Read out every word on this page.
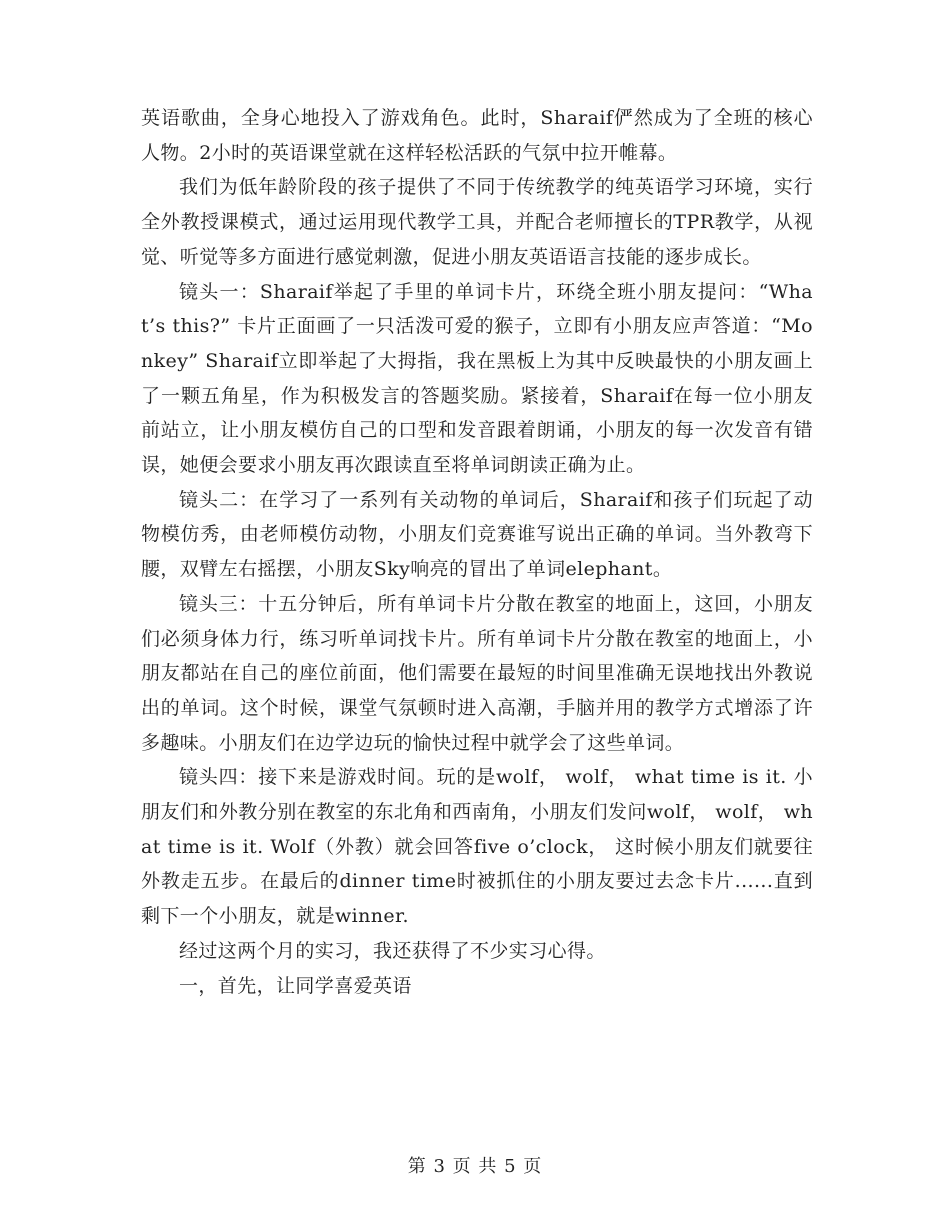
英语歌曲，全身心地投入了游戏角色。此时，Sharaif俨然成为了全班的核心人物。2小时的英语课堂就在这样轻松活跃的气氛中拉开帷幕。

我们为低年龄阶段的孩子提供了不同于传统教学的纯英语学习环境，实行全外教授课模式，通过运用现代教学工具，并配合老师擅长的TPR教学，从视觉、听觉等多方面进行感觉刺激，促进小朋友英语语言技能的逐步成长。

镜头一：Sharaif举起了手里的单词卡片，环绕全班小朋友提问：“What’s this?” 卡片正面画了一只活泼可爱的猴子，立即有小朋友应声答道：“Monkey” Sharaif立即举起了大拇指，我在黑板上为其中反映最快的小朋友画上了一颗五角星，作为积极发言的答题奖励。紧接着，Sharaif在每一位小朋友前站立，让小朋友模仿自己的口型和发音跟着朗诵，小朋友的每一次发音有错误，她便会要求小朋友再次跟读直至将单词朗读正确为止。

镜头二：在学习了一系列有关动物的单词后，Sharaif和孩子们玩起了动物模仿秀，由老师模仿动物，小朋友们竞赛谁写说出正确的单词。当外教弯下腰，双臂左右摇摆，小朋友Sky响亮的冒出了单词elephant。

镜头三：十五分钟后，所有单词卡片分散在教室的地面上，这回，小朋友们必须身体力行，练习听单词找卡片。所有单词卡片分散在教室的地面上，小朋友都站在自己的座位前面，他们需要在最短的时间里准确无误地找出外教说出的单词。这个时候，课堂气氛顿时进入高潮，手脑并用的教学方式增添了许多趣味。小朋友们在边学边玩的愉快过程中就学会了这些单词。

镜头四：接下来是游戏时间。玩的是wolf， wolf， what time is it. 小朋友们和外教分别在教室的东北角和西南角，小朋友们发问wolf， wolf， what time is it. Wolf（外教）就会回答five o’clock， 这时候小朋友们就要往外教走五步。在最后的dinner time时被抓住的小朋友要过去念卡片......直到剩下一个小朋友，就是winner.

经过这两个月的实习，我还获得了不少实习心得。

一，首先，让同学喜爱英语

第 3 页 共 5 页
